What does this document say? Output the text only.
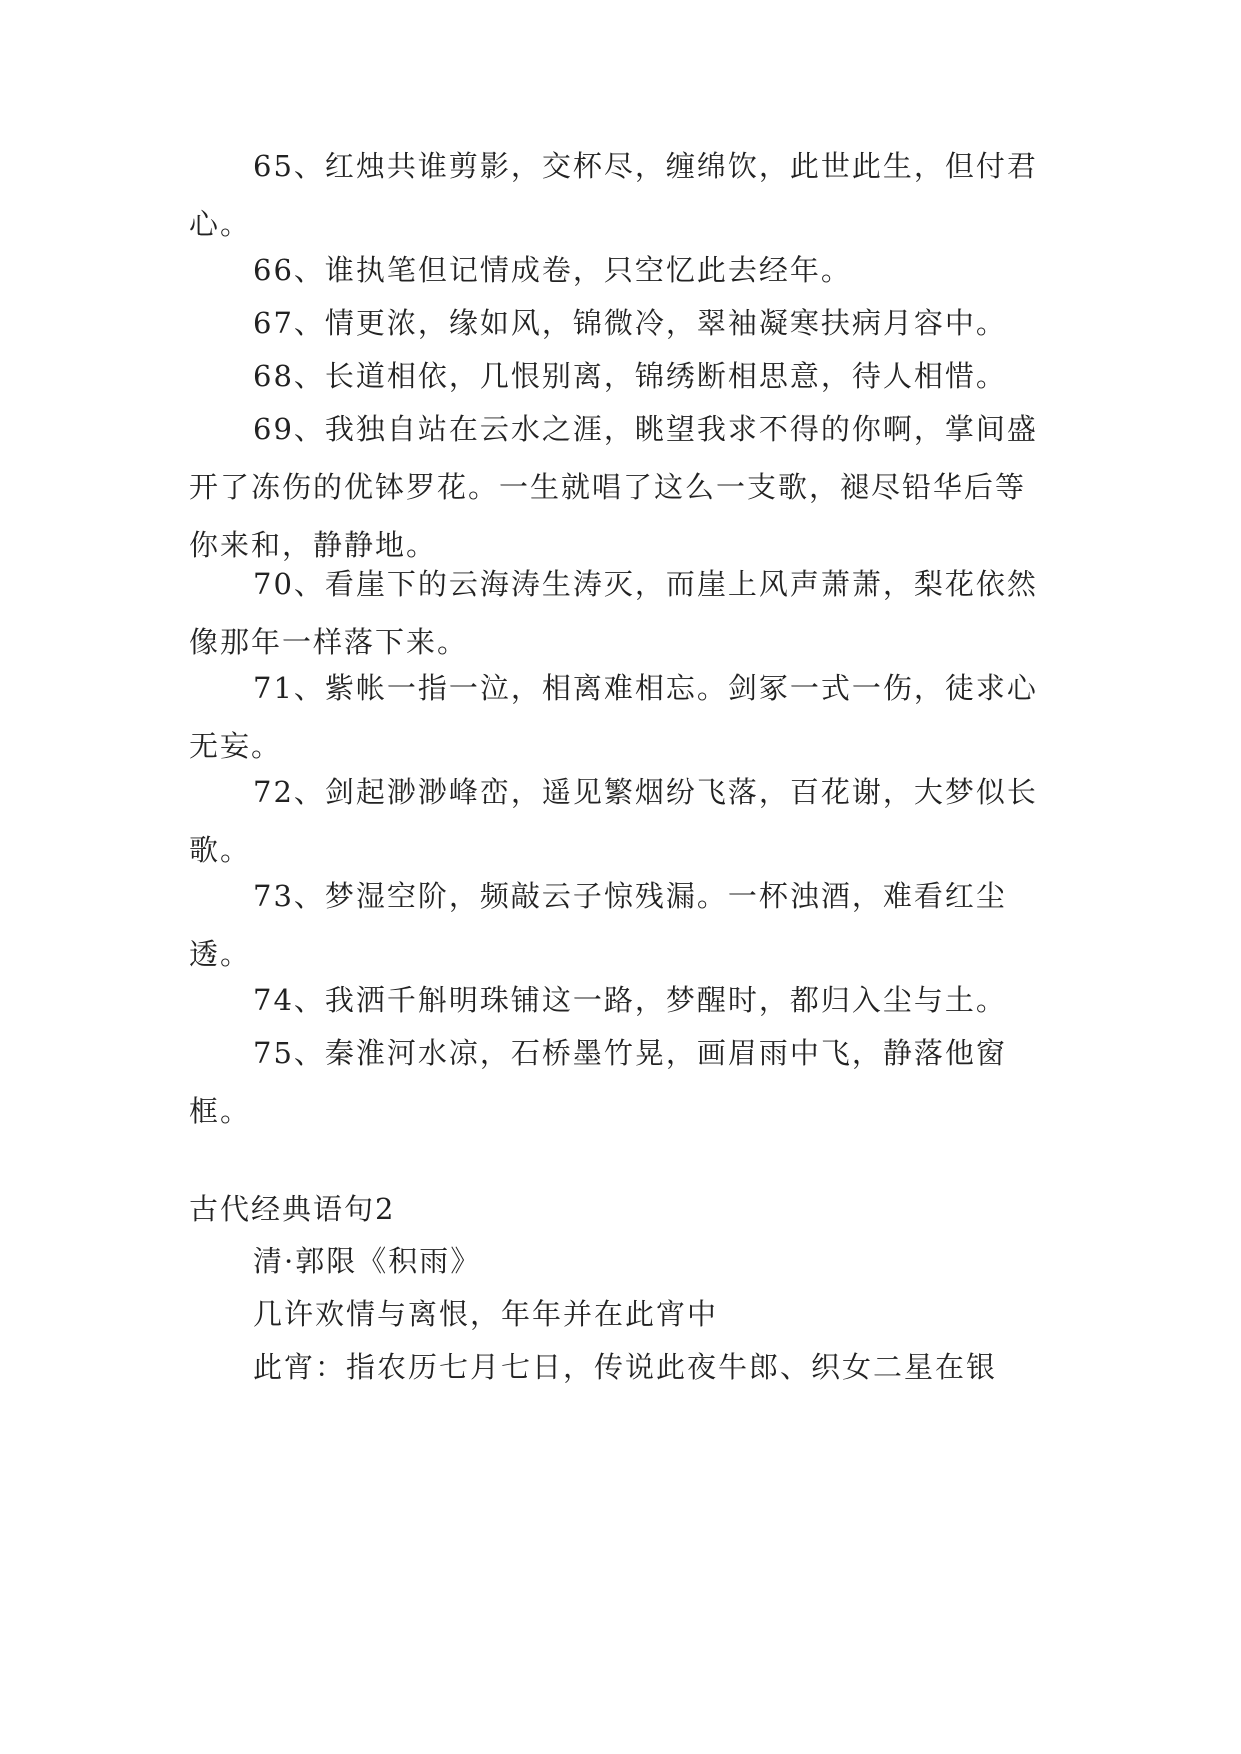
65、红烛共谁剪影，交杯尽，缠绵饮，此世此生，但付君心。

66、谁执笔但记情成卷，只空忆此去经年。

67、情更浓，缘如风，锦微冷，翠袖凝寒扶病月容中。

68、长道相依，几恨别离，锦绣断相思意，待人相惜。

69、我独自站在云水之涯，眺望我求不得的你啊，掌间盛开了冻伤的优钵罗花。一生就唱了这么一支歌，褪尽铅华后等你来和，静静地。

70、看崖下的云海涛生涛灭，而崖上风声萧萧，梨花依然像那年一样落下来。

71、紫帐一指一泣，相离难相忘。剑冢一式一伤，徒求心无妄。

72、剑起渺渺峰峦，遥见繁烟纷飞落，百花谢，大梦似长歌。

73、梦湿空阶，频敲云子惊残漏。一杯浊酒，难看红尘透。

74、我洒千斛明珠铺这一路，梦醒时，都归入尘与土。

75、秦淮河水凉，石桥墨竹晃，画眉雨中飞，静落他窗框。

古代经典语句2

清·郭限《积雨》

几许欢情与离恨，年年并在此宵中

此宵：指农历七月七日，传说此夜牛郎、织女二星在银
